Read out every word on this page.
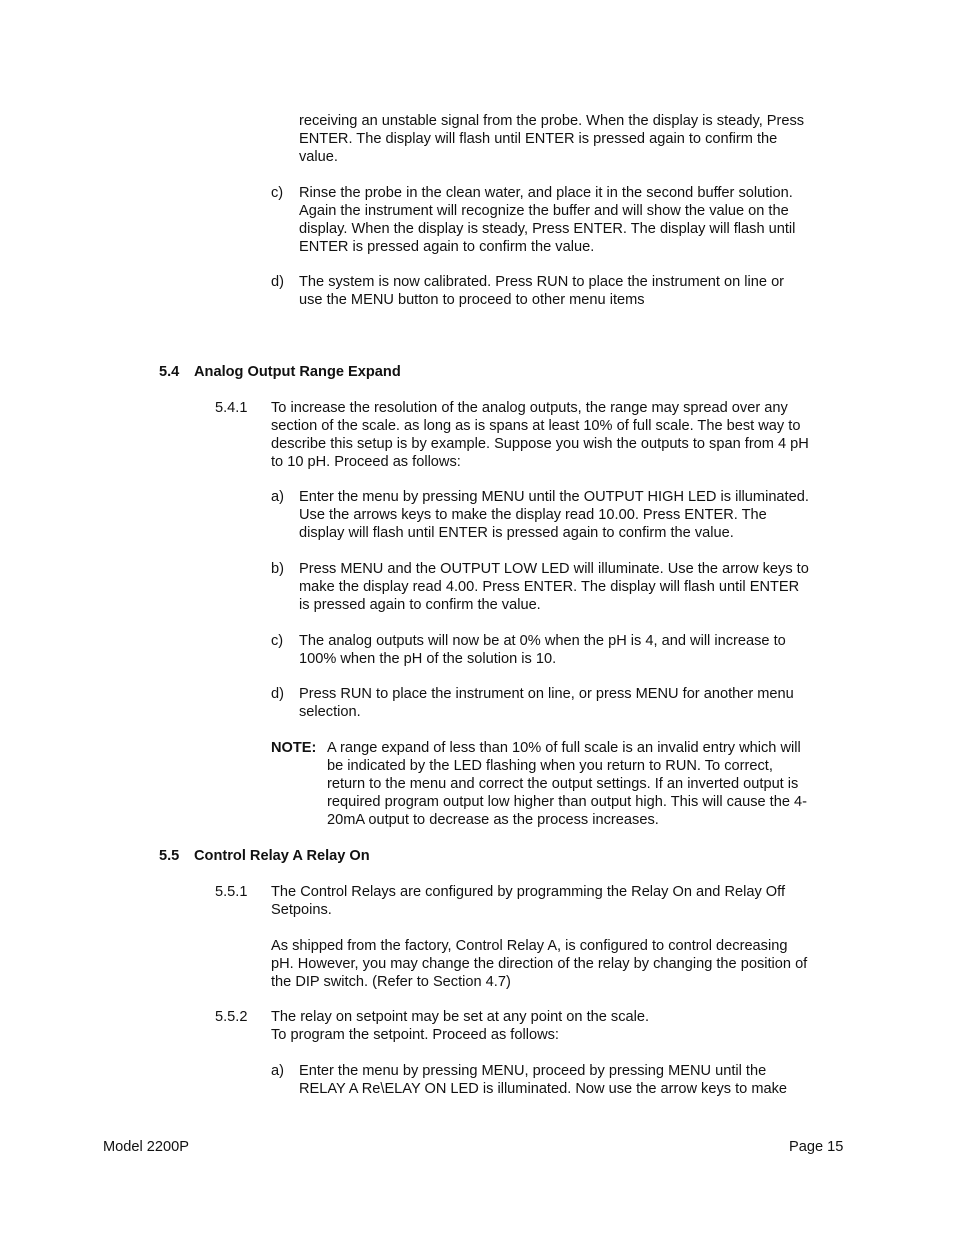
receiving an unstable signal from the probe. When the display is steady, Press
ENTER. The display will flash until ENTER is pressed again to confirm the
value.

c) Rinse the probe in the clean water, and place it in the second buffer solution.
Again the instrument will recognize the buffer and will show the value on the
display. When the display is steady, Press ENTER. The display will flash until
ENTER is pressed again to confirm the value.

d) The system is now calibrated. Press RUN to place the instrument on line or
use the MENU button to proceed to other menu items

5.4 Analog Output Range Expand
5.4.1 To increase the resolution of the analog outputs, the range may spread over any
section of the scale. as long as is spans at least 10% of full scale. The best way to
describe this setup is by example. Suppose you wish the outputs to span from 4 pH
to 10 pH. Proceed as follows:

a) Enter the menu by pressing MENU until the OUTPUT HIGH LED is illuminated.
Use the arrows keys to make the display read 10.00. Press ENTER. The
display will flash until ENTER is pressed again to confirm the value.

b) Press MENU and the OUTPUT LOW LED will illuminate. Use the arrow keys to
make the display read 4.00. Press ENTER. The display will flash until ENTER
is pressed again to confirm the value.

c) The analog outputs will now be at 0% when the pH is 4, and will increase to
100% when the pH of the solution is 10.

d) Press RUN to place the instrument on line, or press MENU for another menu
selection.

NOTE: A range expand of less than 10% of full scale is an invalid entry which will
be indicated by the LED flashing when you return to RUN. To correct,
return to the menu and correct the output settings. If an inverted output is
required program output low higher than output high. This will cause the 4-
20mA output to decrease as the process increases.

5.5 Control Relay A Relay On
5.5.1 The Control Relays are configured by programming the Relay On and Relay Off
Setpoins.

As shipped from the factory, Control Relay A, is configured to control decreasing
pH. However, you may change the direction of the relay by changing the position of
the DIP switch. (Refer to Section 4.7)

5.5.2 The relay on setpoint may be set at any point on the scale.
To program the setpoint. Proceed as follows:

a) Enter the menu by pressing MENU, proceed by pressing MENU until the
RELAY A Re\ELAY ON LED is illuminated. Now use the arrow keys to make

Model 2200P	Page 15
